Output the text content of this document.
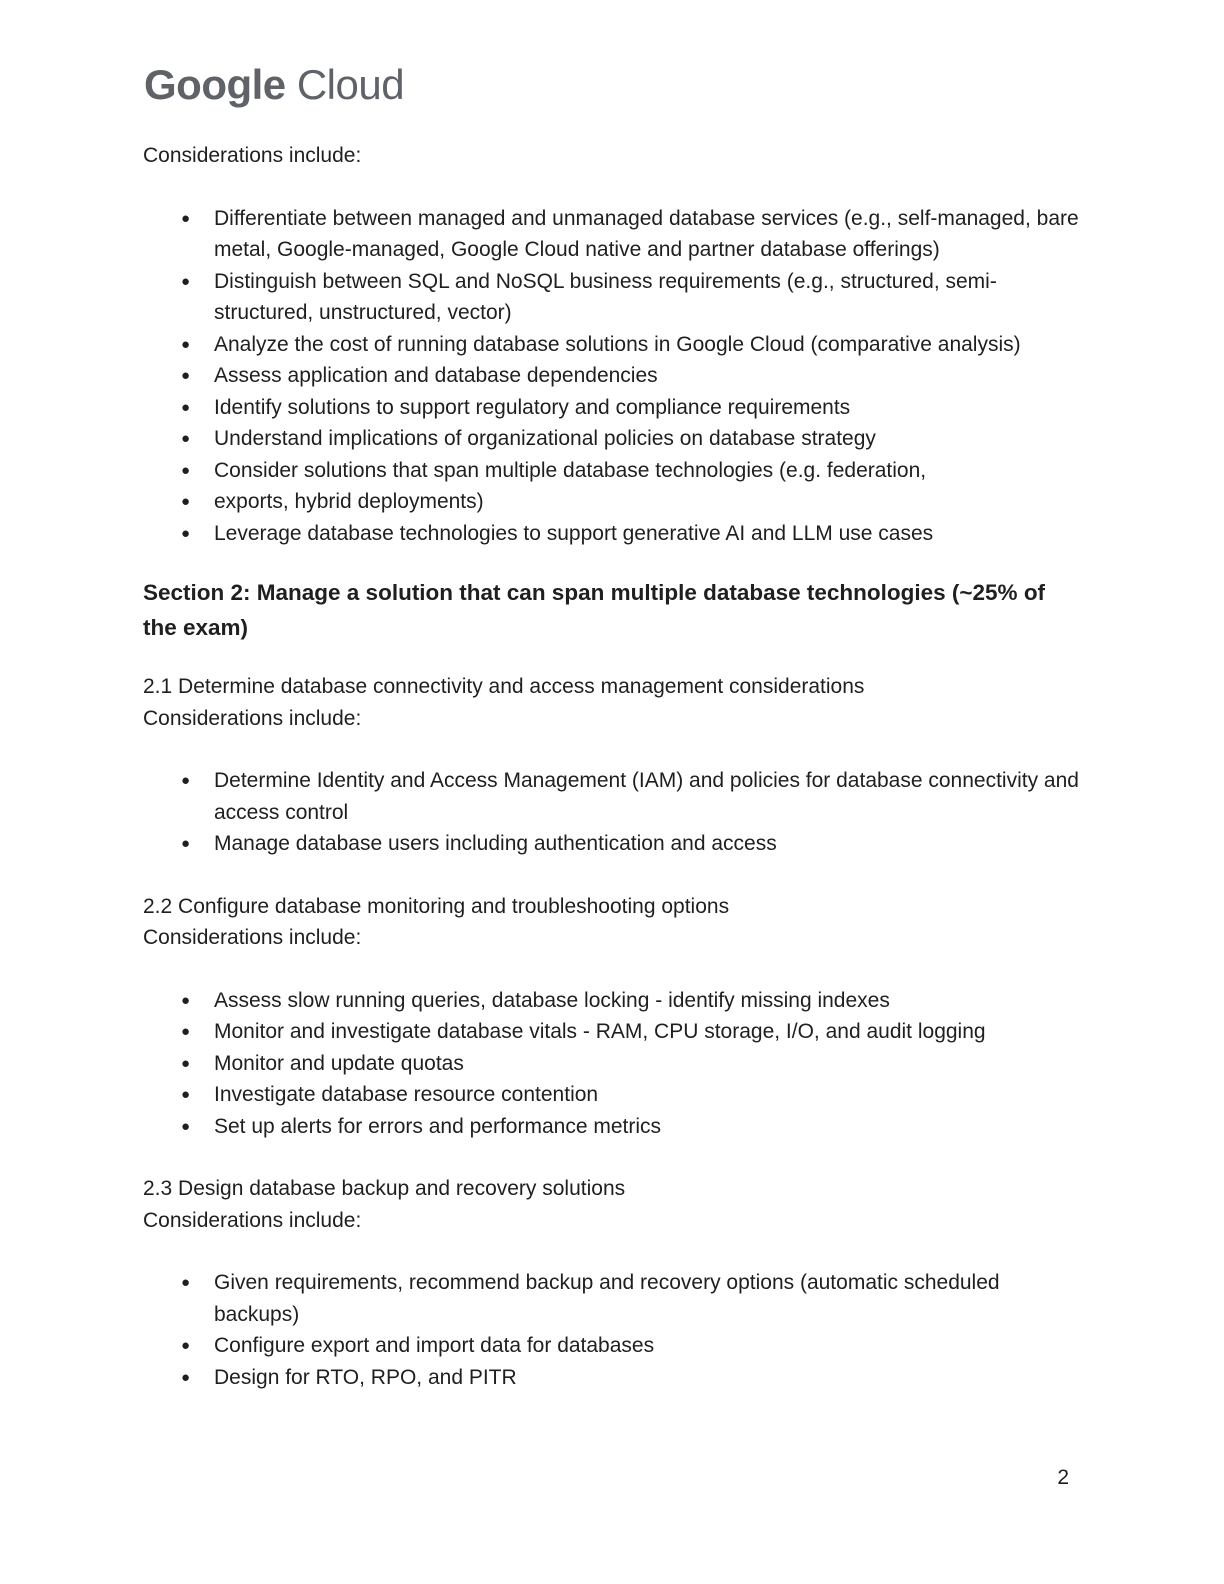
Google Cloud

Considerations include:

● Differentiate between managed and unmanaged database services (e.g., self-managed, bare metal, Google-managed, Google Cloud native and partner database offerings)
● Distinguish between SQL and NoSQL business requirements (e.g., structured, semi-structured, unstructured, vector)
● Analyze the cost of running database solutions in Google Cloud (comparative analysis)
● Assess application and database dependencies
● Identify solutions to support regulatory and compliance requirements
● Understand implications of organizational policies on database strategy
● Consider solutions that span multiple database technologies (e.g. federation,
● exports, hybrid deployments)
● Leverage database technologies to support generative AI and LLM use cases
Section 2: Manage a solution that can span multiple database technologies (~25% of the exam)

2.1 Determine database connectivity and access management considerations

Considerations include:

● Determine Identity and Access Management (IAM) and policies for database connectivity and access control
● Manage database users including authentication and access

2.2 Configure database monitoring and troubleshooting options

Considerations include:

● Assess slow running queries, database locking - identify missing indexes
● Monitor and investigate database vitals - RAM, CPU storage, I/O, and audit logging
● Monitor and update quotas
● Investigate database resource contention
● Set up alerts for errors and performance metrics

2.3 Design database backup and recovery solutions

Considerations include:

● Given requirements, recommend backup and recovery options (automatic scheduled backups)
● Configure export and import data for databases
● Design for RTO, RPO, and PITR
2
